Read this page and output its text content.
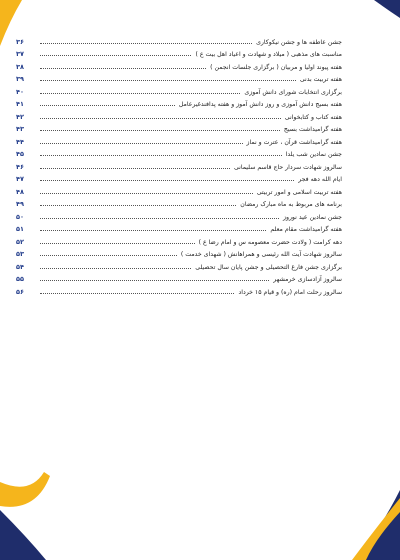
جشن عاطفه ها و جشن نیکوکاری
۳۶
مناسبت های مذهبی ( میلاد و شهادت و اعیاد اهل بیت ع )
۳۷
هفته پیوند اولیا و مربیان ( برگزاری جلسات انجمن )
۳۸
هفته تربیت بدنی
۳۹
برگزاری انتخابات شورای دانش آموزی
۴۰
هفته بسیج دانش آموزی و روز دانش آموز و هفته پدافندغیرعامل
۴۱
هفته کتاب و کتابخوانی
۴۲
هفته گرامیداشت بسیج
۴۳
هفته گرامیداشت قرآن ، عترت و نماز
۴۴
جشن نمادین شب یلدا
۴۵
سالروز شهادت سردار حاج قاسم سلیمانی
۴۶
ایام الله دهه فجر
۴۷
هفته تربیت اسلامی و امور تربیتی
۴۸
برنامه های مربوط به ماه مبارک رمضان
۴۹
جشن نمادین عید نوروز
۵۰
هفته گرامیداشت مقام معلم
۵۱
دهه کرامت ( ولادت حضرت معصومه س و امام رضا ع )
۵۲
سالروز شهادت آیت الله رئیسی و همراهانش ( شهدای خدمت )
۵۳
برگزاری جشن فارغ التحصیلی و جشن پایان سال تحصیلی
۵۴
سالروز آزادسازی خرمشهر
۵۵
سالروز رحلت امام (ره) و قیام ۱۵ خرداد
۵۶
